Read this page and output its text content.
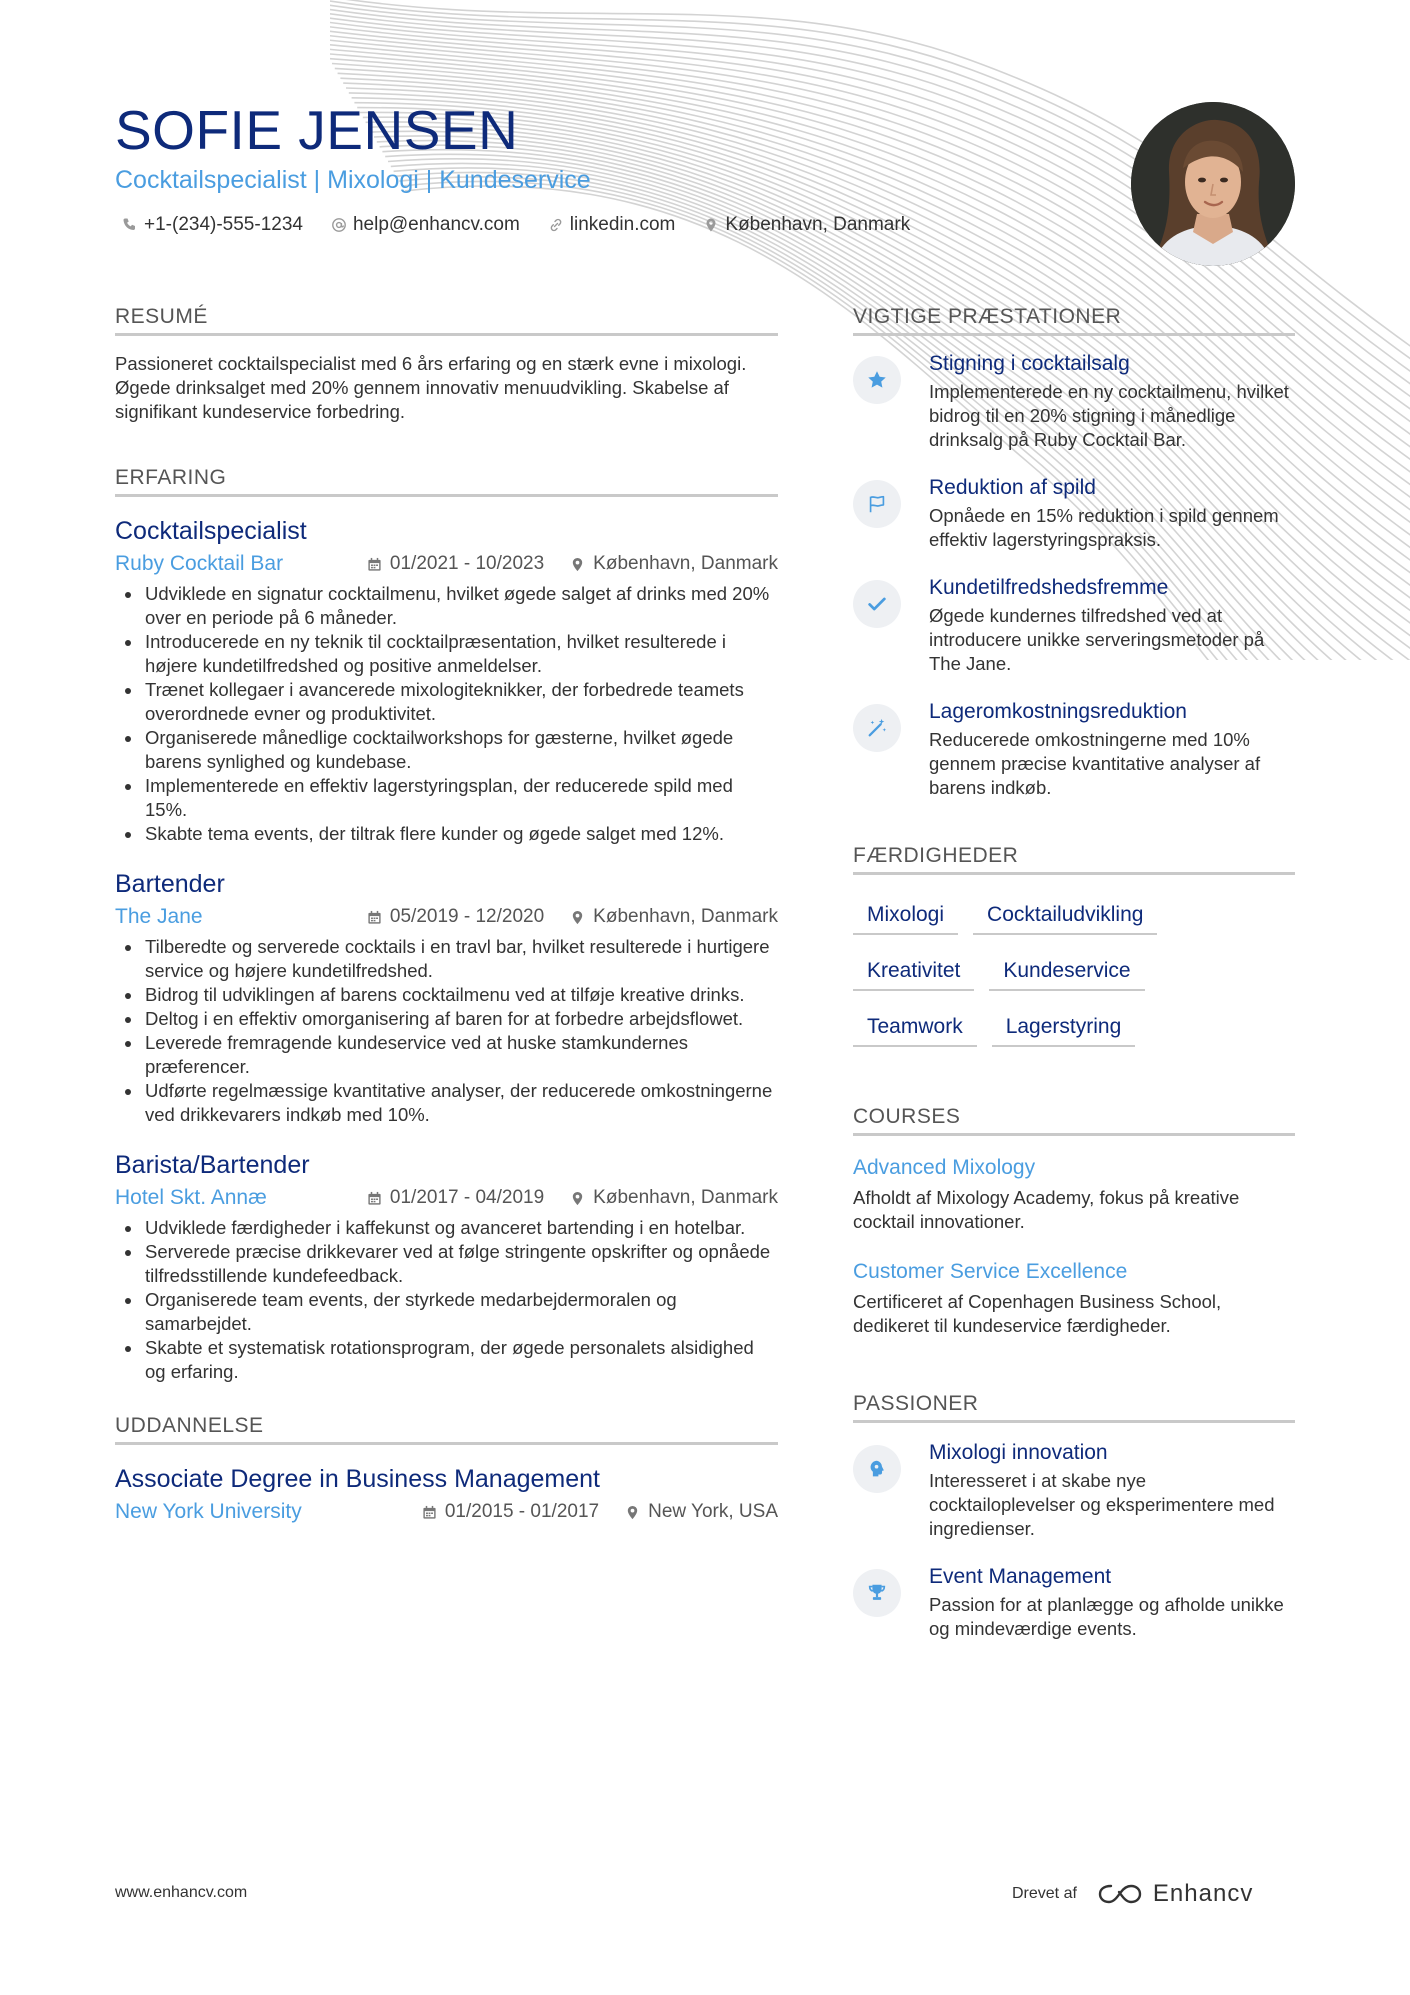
SOFIE JENSEN
Cocktailspecialist | Mixologi | Kundeservice
+1-(234)-555-1234	help@enhancv.com	linkedin.com	København, Danmark
RESUMÉ
Passioneret cocktailspecialist med 6 års erfaring og en stærk evne i mixologi. Øgede drinksalget med 20% gennem innovativ menuudvikling. Skabelse af signifikant kundeservice forbedring.
ERFARING
Cocktailspecialist
Ruby Cocktail Bar	01/2021 - 10/2023	København, Danmark
• Udviklede en signatur cocktailmenu, hvilket øgede salget af drinks med 20% over en periode på 6 måneder.
• Introducerede en ny teknik til cocktailpræsentation, hvilket resulterede i højere kundetilfredshed og positive anmeldelser.
• Trænet kollegaer i avancerede mixologiteknikker, der forbedrede teamets overordnede evner og produktivitet.
• Organiserede månedlige cocktailworkshops for gæsterne, hvilket øgede barens synlighed og kundebase.
• Implementerede en effektiv lagerstyringsplan, der reducerede spild med 15%.
• Skabte tema events, der tiltrak flere kunder og øgede salget med 12%.
Bartender
The Jane	05/2019 - 12/2020	København, Danmark
• Tilberedte og serverede cocktails i en travl bar, hvilket resulterede i hurtigere service og højere kundetilfredshed.
• Bidrog til udviklingen af barens cocktailmenu ved at tilføje kreative drinks.
• Deltog i en effektiv omorganisering af baren for at forbedre arbejdsflowet.
• Leverede fremragende kundeservice ved at huske stamkundernes præferencer.
• Udførte regelmæssige kvantitative analyser, der reducerede omkostningerne ved drikkevarers indkøb med 10%.
Barista/Bartender
Hotel Skt. Annæ	01/2017 - 04/2019	København, Danmark
• Udviklede færdigheder i kaffekunst og avanceret bartending i en hotelbar.
• Serverede præcise drikkevarer ved at følge stringente opskrifter og opnåede tilfredsstillende kundefeedback.
• Organiserede team events, der styrkede medarbejdermoralen og samarbejdet.
• Skabte et systematisk rotationsprogram, der øgede personalets alsidighed og erfaring.
UDDANNELSE
Associate Degree in Business Management
New York University	01/2015 - 01/2017	New York, USA
VIGTIGE PRÆSTATIONER
Stigning i cocktailsalg
Implementerede en ny cocktailmenu, hvilket bidrog til en 20% stigning i månedlige drinksalg på Ruby Cocktail Bar.
Reduktion af spild
Opnåede en 15% reduktion i spild gennem effektiv lagerstyringspraksis.
Kundetilfredshedsfremme
Øgede kundernes tilfredshed ved at introducere unikke serveringsmetoder på The Jane.
Lageromkostningsreduktion
Reducerede omkostningerne med 10% gennem præcise kvantitative analyser af barens indkøb.
FÆRDIGHEDER
Mixologi	Cocktailudvikling
Kreativitet	Kundeservice
Teamwork	Lagerstyring
COURSES
Advanced Mixology
Afholdt af Mixology Academy, fokus på kreative cocktail innovationer.
Customer Service Excellence
Certificeret af Copenhagen Business School, dedikeret til kundeservice færdigheder.
PASSIONER
Mixologi innovation
Interesseret i at skabe nye cocktailoplevelser og eksperimentere med ingredienser.
Event Management
Passion for at planlægge og afholde unikke og mindeværdige events.
www.enhancv.com	Drevet af	Enhancv
